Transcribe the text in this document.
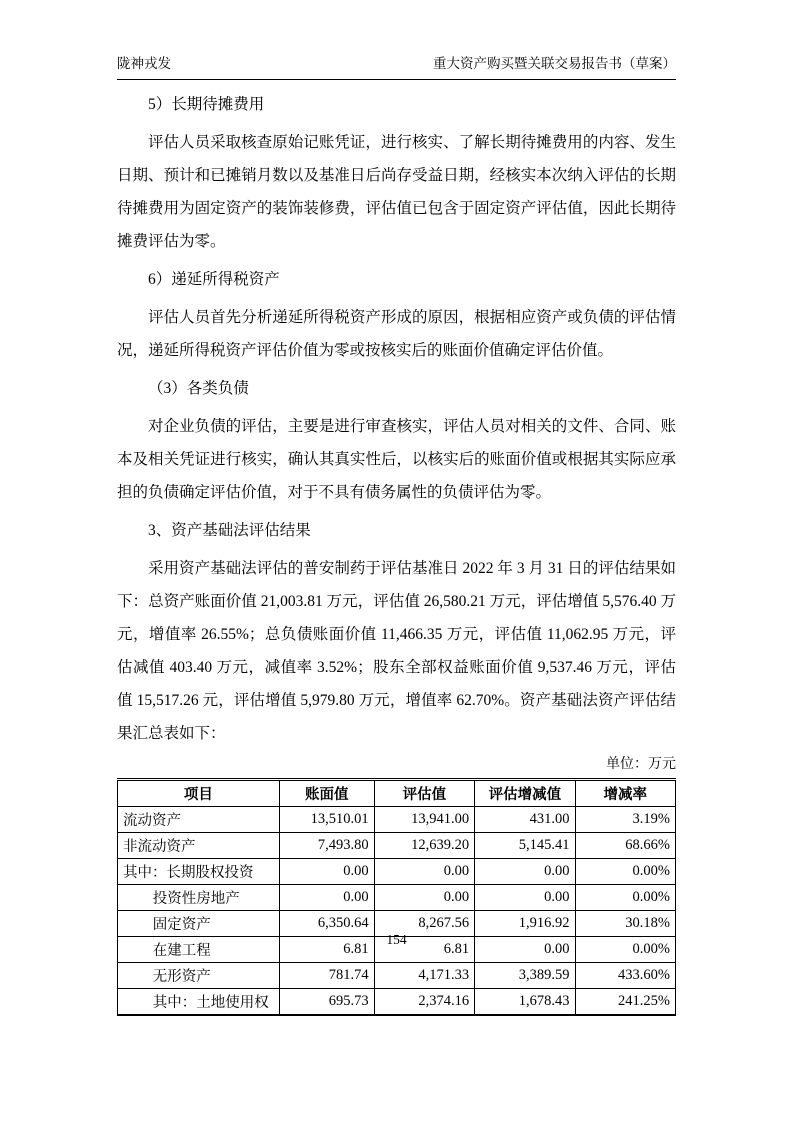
陇神戎发	重大资产购买暨关联交易报告书（草案）
5）长期待摊费用

评估人员采取核查原始记账凭证，进行核实、了解长期待摊费用的内容、发生日期、预计和已摊销月数以及基准日后尚存受益日期，经核实本次纳入评估的长期待摊费用为固定资产的装饰装修费，评估值已包含于固定资产评估值，因此长期待摊费评估为零。

6）递延所得税资产

评估人员首先分析递延所得税资产形成的原因，根据相应资产或负债的评估情况，递延所得税资产评估价值为零或按核实后的账面价值确定评估价值。

（3）各类负债

对企业负债的评估，主要是进行审查核实，评估人员对相关的文件、合同、账本及相关凭证进行核实，确认其真实性后，以核实后的账面价值或根据其实际应承担的负债确定评估价值，对于不具有债务属性的负债评估为零。

3、资产基础法评估结果

采用资产基础法评估的普安制药于评估基准日 2022 年 3 月 31 日的评估结果如下：总资产账面价值 21,003.81 万元，评估值 26,580.21 万元，评估增值 5,576.40 万元，增值率 26.55%；总负债账面价值 11,466.35 万元，评估值 11,062.95 万元，评估减值 403.40 万元，减值率 3.52%；股东全部权益账面价值 9,537.46 万元，评估值 15,517.26 元，评估增值 5,979.80 万元，增值率 62.70%。资产基础法资产评估结果汇总表如下：

单位：万元
项目	账面值	评估值	评估增减值	增减率
流动资产	13,510.01	13,941.00	431.00	3.19%
非流动资产	7,493.80	12,639.20	5,145.41	68.66%
其中：长期股权投资	0.00	0.00	0.00	0.00%
投资性房地产	0.00	0.00	0.00	0.00%
固定资产	6,350.64	8,267.56	1,916.92	30.18%
在建工程	6.81	6.81	0.00	0.00%
无形资产	781.74	4,171.33	3,389.59	433.60%
其中：土地使用权	695.73	2,374.16	1,678.43	241.25%
154
